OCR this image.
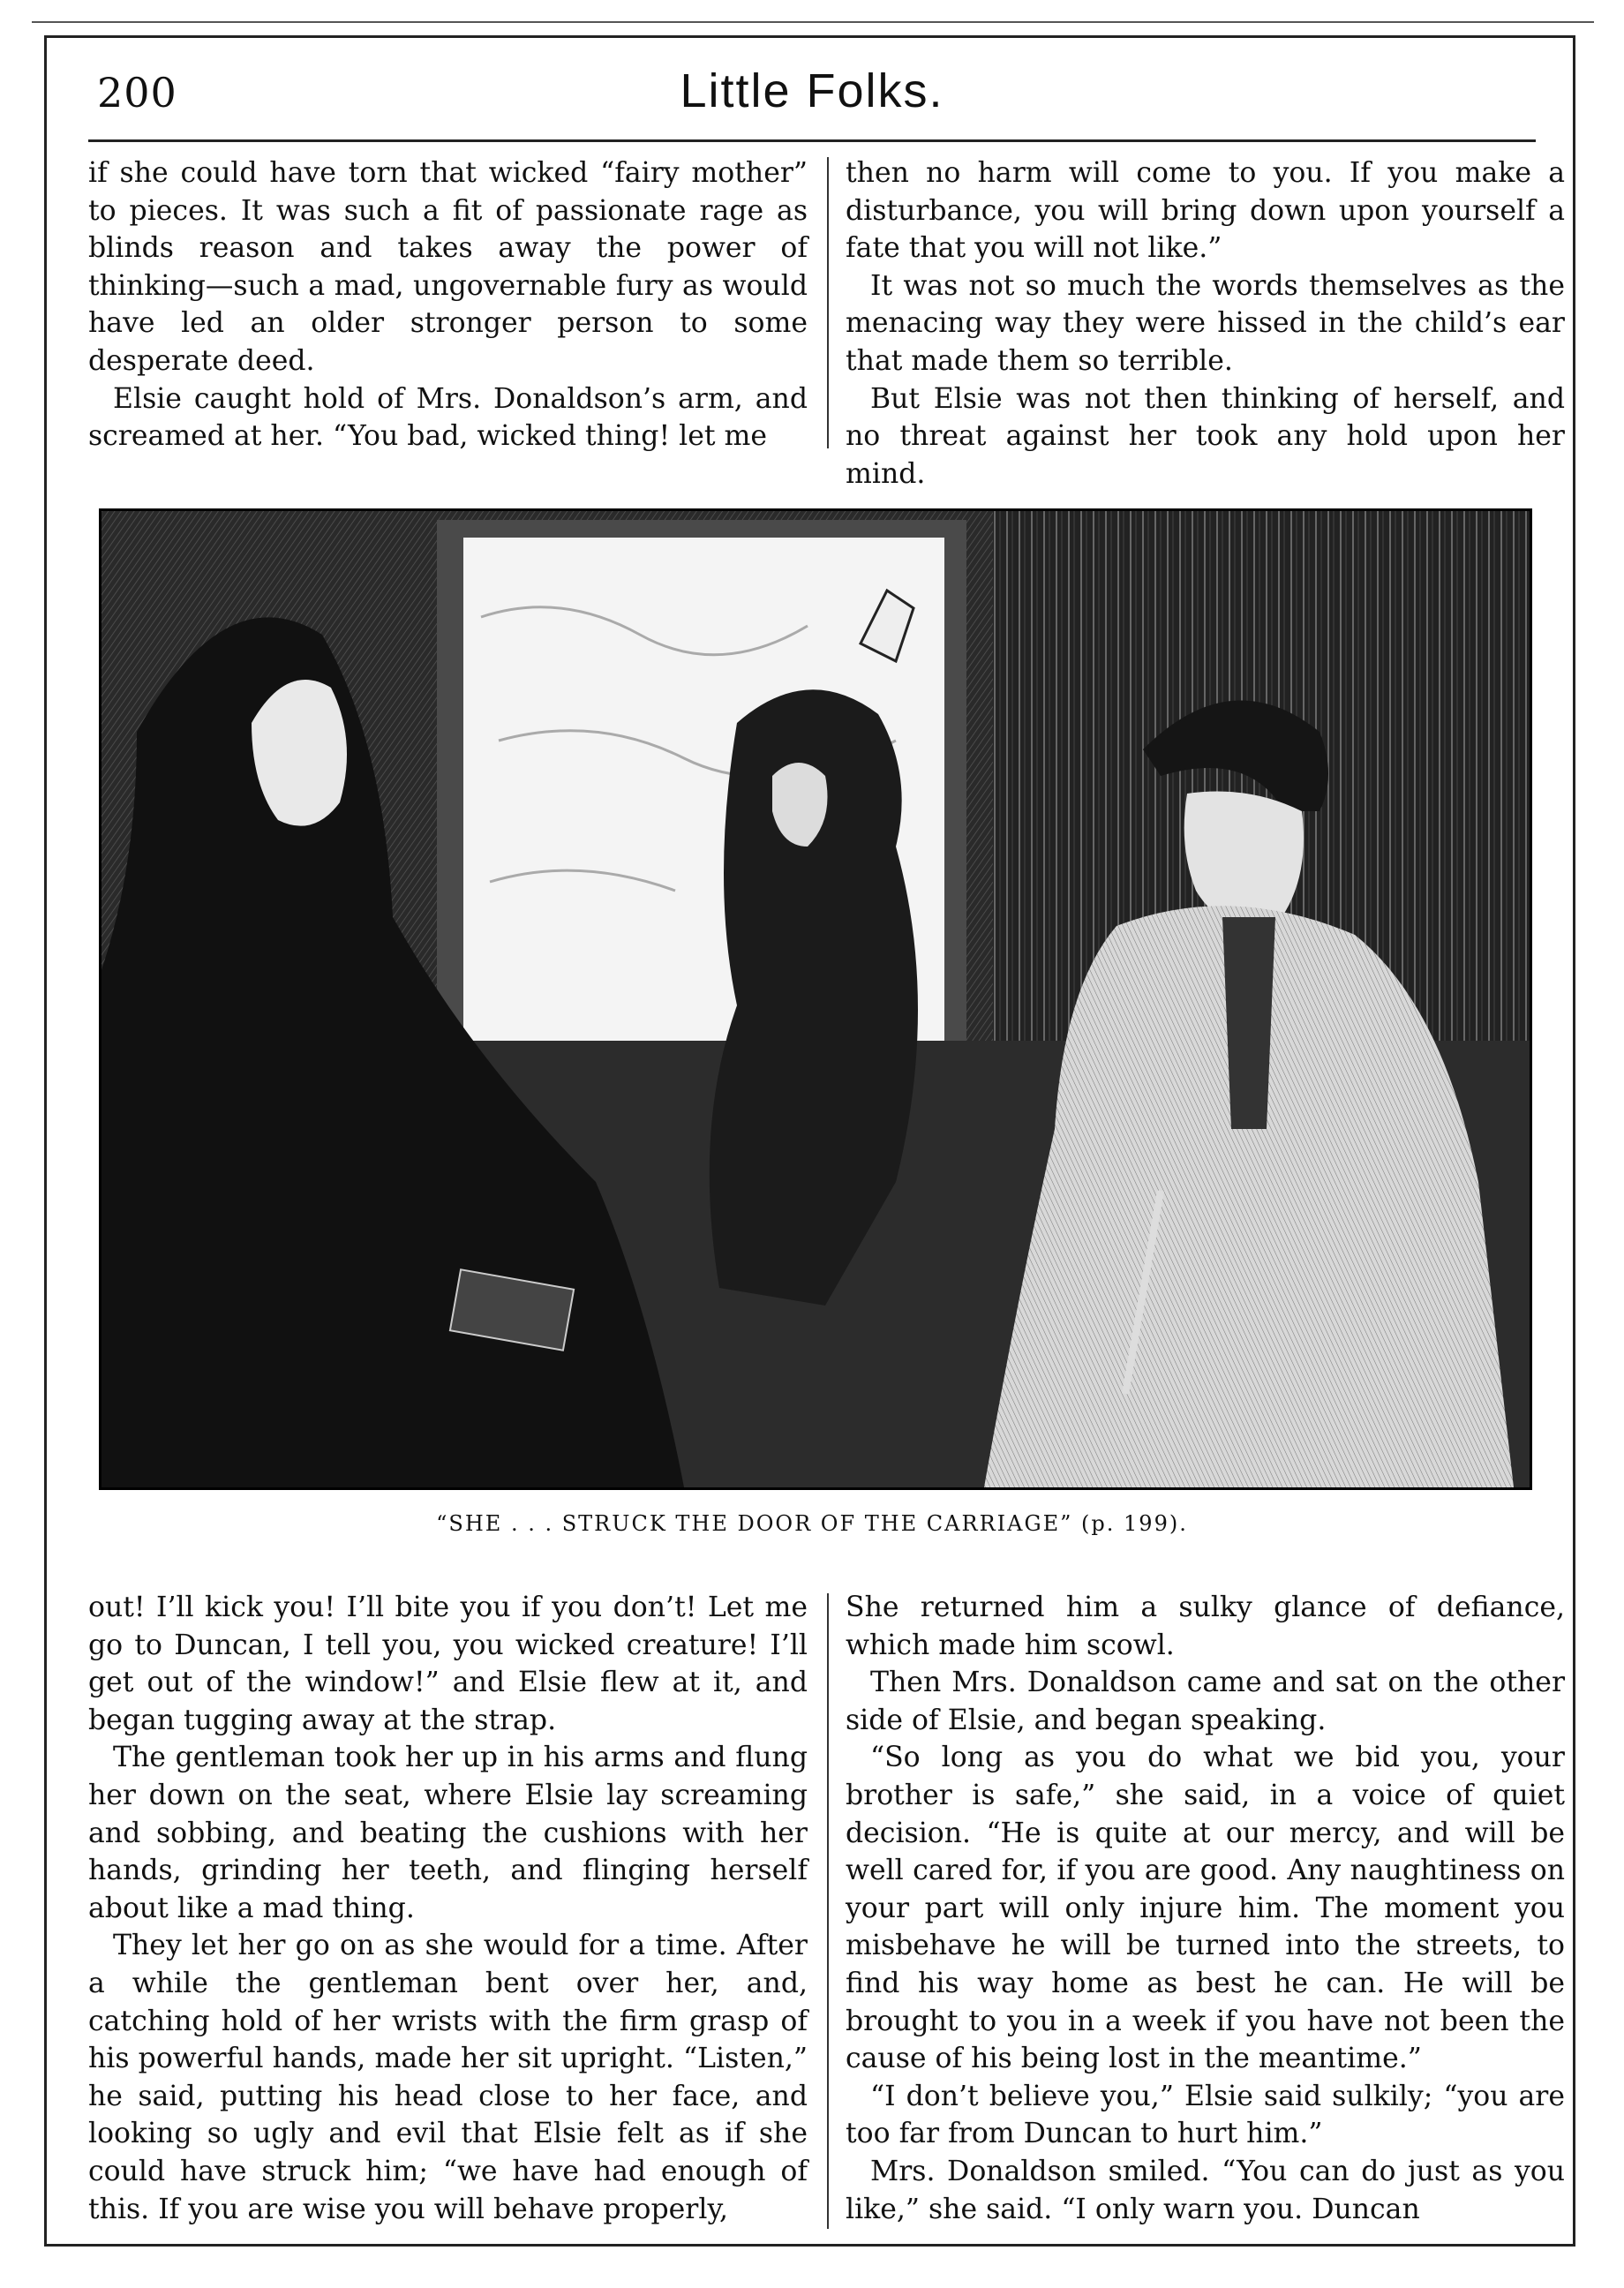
200	Little Folks.

if she could have torn that wicked “fairy mother” to pieces. It was such a fit of passionate rage as blinds reason and takes away the power of thinking—such a mad, ungovernable fury as would have led an older stronger person to some desperate deed.

Elsie caught hold of Mrs. Donaldson’s arm, and screamed at her. “You bad, wicked thing! let me

then no harm will come to you. If you make a disturbance, you will bring down upon yourself a fate that you will not like.”

It was not so much the words themselves as the menacing way they were hissed in the child’s ear that made them so terrible.

But Elsie was not then thinking of herself, and no threat against her took any hold upon her mind.

“SHE . . . STRUCK THE DOOR OF THE CARRIAGE” (p. 199).

out! I’ll kick you! I’ll bite you if you don’t! Let me go to Duncan, I tell you, you wicked creature! I’ll get out of the window!” and Elsie flew at it, and began tugging away at the strap.

The gentleman took her up in his arms and flung her down on the seat, where Elsie lay screaming and sobbing, and beating the cushions with her hands, grinding her teeth, and flinging herself about like a mad thing.

They let her go on as she would for a time. After a while the gentleman bent over her, and, catching hold of her wrists with the firm grasp of his powerful hands, made her sit upright. “Listen,” he said, putting his head close to her face, and looking so ugly and evil that Elsie felt as if she could have struck him; “we have had enough of this. If you are wise you will behave properly,

She returned him a sulky glance of defiance, which made him scowl.

Then Mrs. Donaldson came and sat on the other side of Elsie, and began speaking.

“So long as you do what we bid you, your brother is safe,” she said, in a voice of quiet decision. “He is quite at our mercy, and will be well cared for, if you are good. Any naughtiness on your part will only injure him. The moment you misbehave he will be turned into the streets, to find his way home as best he can. He will be brought to you in a week if you have not been the cause of his being lost in the meantime.”

“I don’t believe you,” Elsie said sulkily; “you are too far from Duncan to hurt him.”

Mrs. Donaldson smiled. “You can do just as you like,” she said. “I only warn you. Duncan
